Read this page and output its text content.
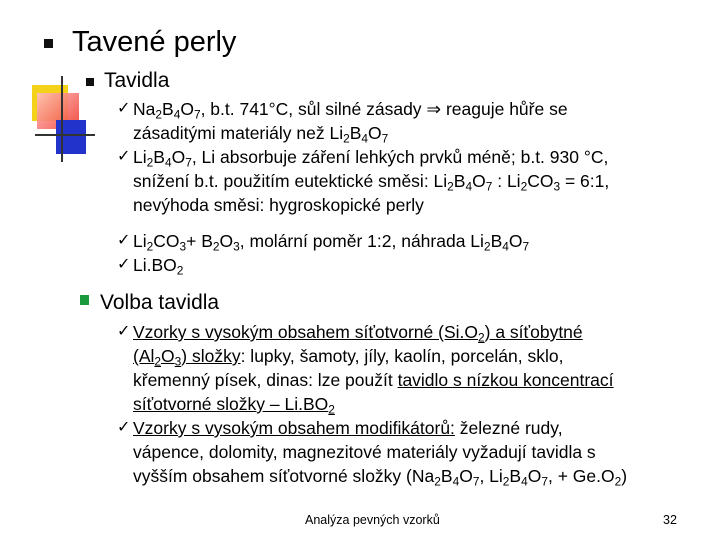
Tavené perly
Tavidla
✓ $Na_2B_4O_7$, b.t. 741°C, sůl silné zásady ⇒ reaguje hůře se
zásaditými materiály než $Li_2B_4O_7$
✓ $Li_2B_4O_7$, Li absorbuje záření lehkých prvků méně; b.t. 930 °C,
snížení b.t. použitím eutektické směsi: $Li_2B_4O_7$ : $Li_2CO_3$ = 6:1,
nevýhoda směsi: hygroskopické perly
✓ $Li_2CO_3+ B_2O_3$, molární poměr 1:2, náhrada $Li_2B_4O_7$
✓ $Li.BO_2$
Volba tavidla
✓ Vzorky s vysokým obsahem síťotvorné $(Si.O_2)$ a síťobytné
$(Al_2O_3)$ složky: lupky, šamoty, jíly, kaolín, porcelán, sklo,
křemenný písek, dinas: lze použít tavidlo s nízkou koncentrací
síťotvorné složky – $Li.BO_2$
✓ Vzorky s vysokým obsahem modifikátorů: železné rudy,
vápence, dolomity, magnezitové materiály vyžadují tavidla s
vyšším obsahem síťotvorné složky ($Na_2B_4O_7$, $Li_2B_4O_7$, + $Ge.O_2$)
Analýza pevných vzorků	32
